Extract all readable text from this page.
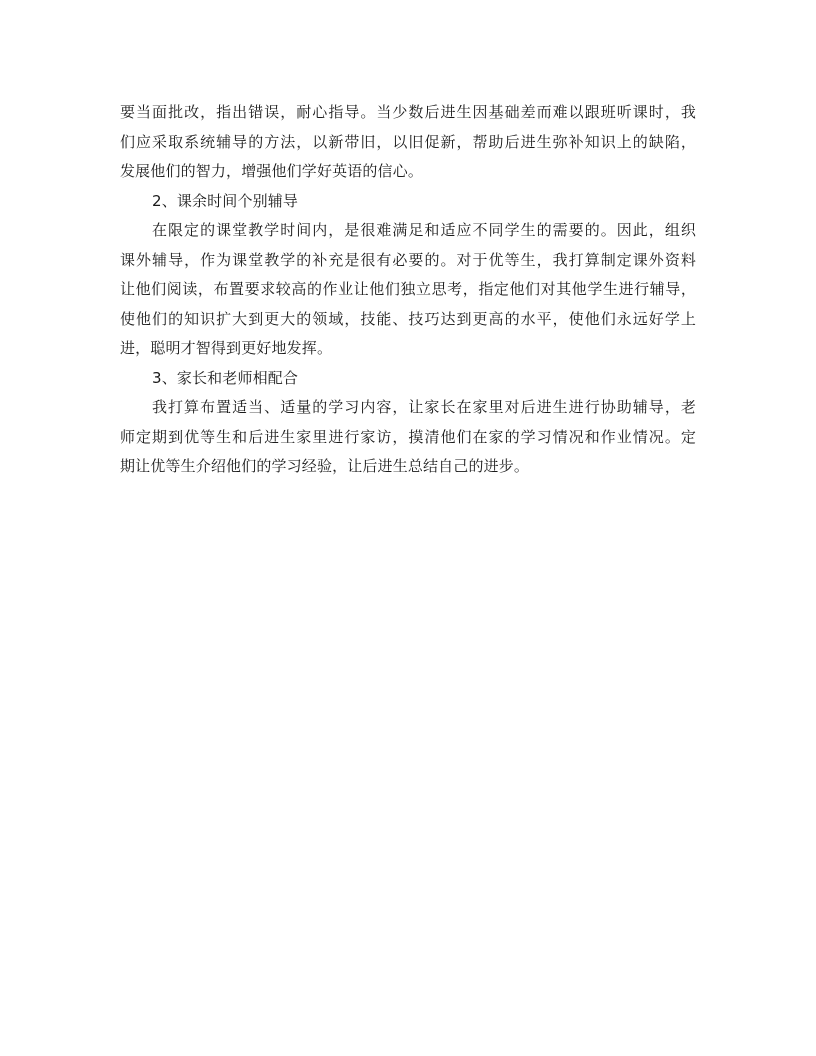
要当面批改，指出错误，耐心指导。当少数后进生因基础差而难以跟班听课时，我
们应采取系统辅导的方法，以新带旧，以旧促新，帮助后进生弥补知识上的缺陷，
发展他们的智力，增强他们学好英语的信心。
2、课余时间个别辅导
在限定的课堂教学时间内，是很难满足和适应不同学生的需要的。因此，组织
课外辅导，作为课堂教学的补充是很有必要的。对于优等生，我打算制定课外资料
让他们阅读，布置要求较高的作业让他们独立思考，指定他们对其他学生进行辅导，
使他们的知识扩大到更大的领域，技能、技巧达到更高的水平，使他们永远好学上
进，聪明才智得到更好地发挥。
3、家长和老师相配合
我打算布置适当、适量的学习内容，让家长在家里对后进生进行协助辅导，老
师定期到优等生和后进生家里进行家访，摸清他们在家的学习情况和作业情况。定
期让优等生介绍他们的学习经验，让后进生总结自己的进步。
